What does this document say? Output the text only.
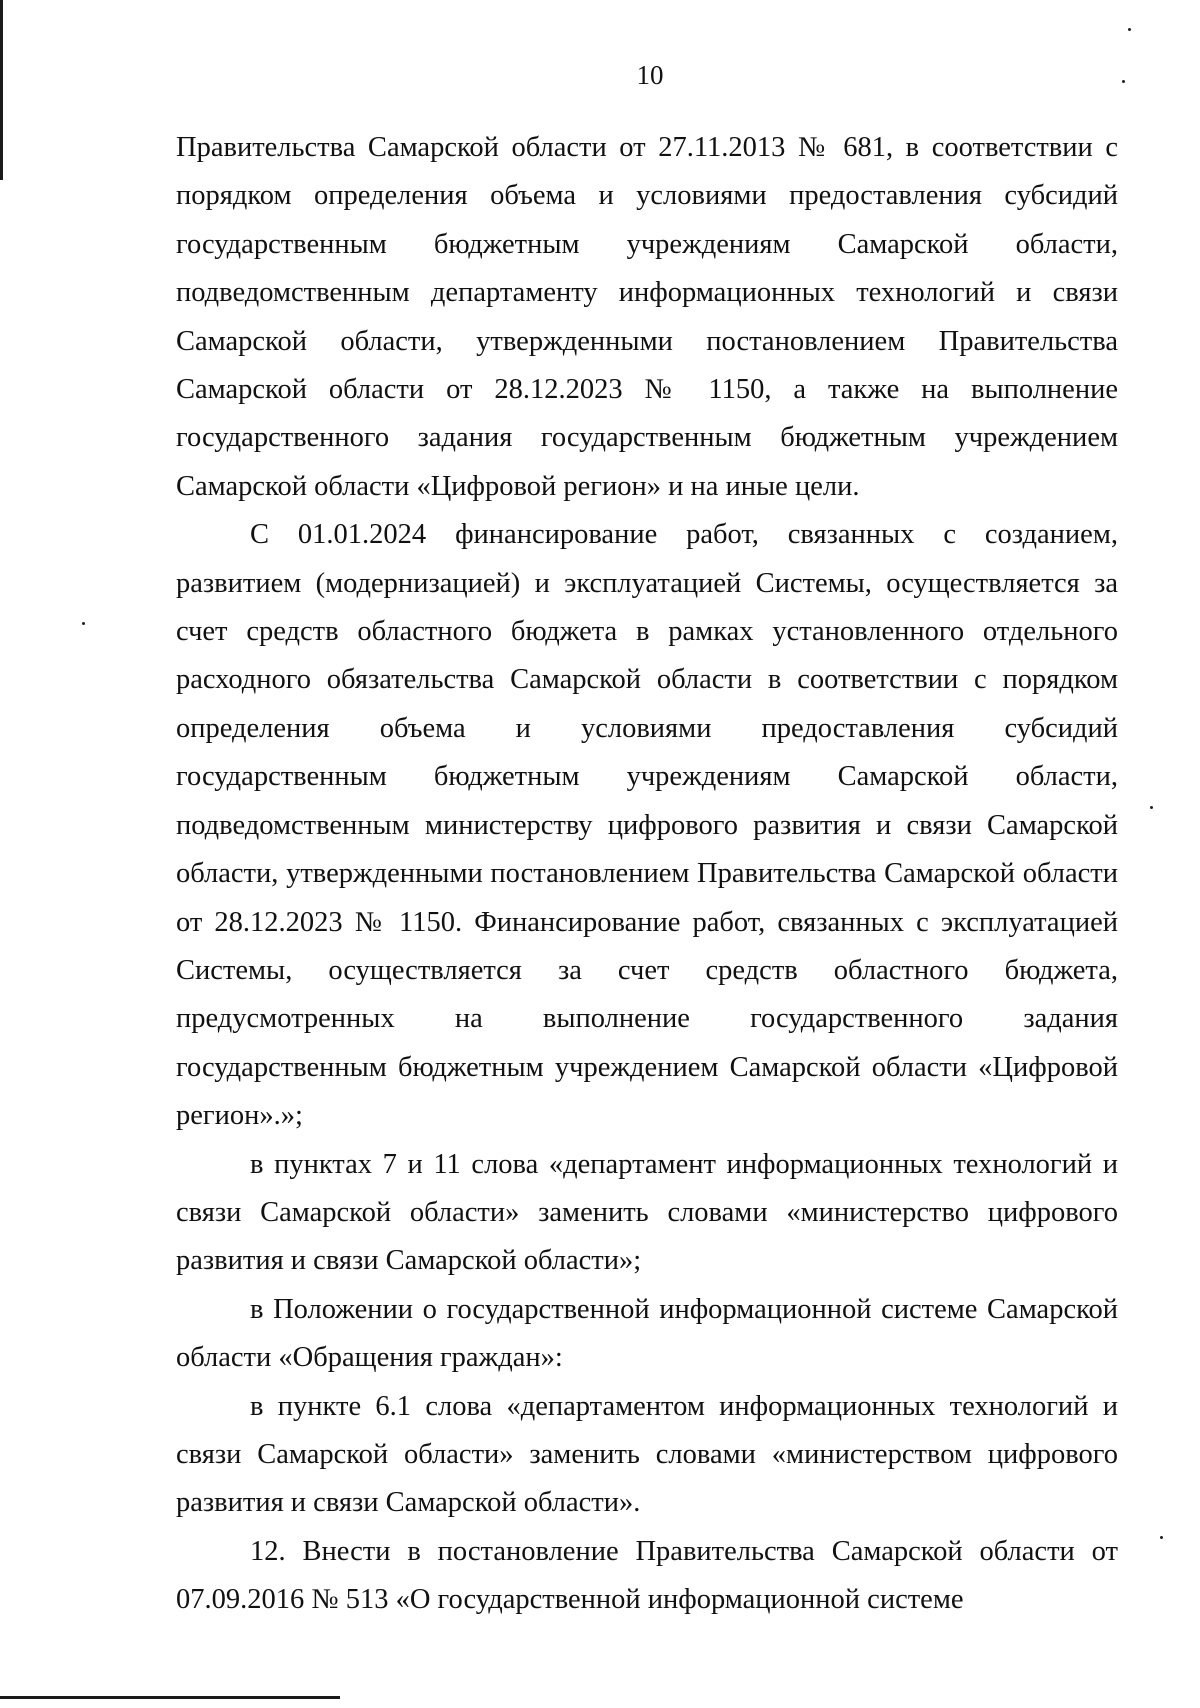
10

Правительства Самарской области от 27.11.2013 № 681, в соответствии с порядком определения объема и условиями предоставления субсидий государственным бюджетным учреждениям Самарской области, подведомственным департаменту информационных технологий и связи Самарской области, утвержденными постановлением Правительства Самарской области от 28.12.2023 № 1150, а также на выполнение государственного задания государственным бюджетным учреждением Самарской области «Цифровой регион» и на иные цели.

С 01.01.2024 финансирование работ, связанных с созданием, развитием (модернизацией) и эксплуатацией Системы, осуществляется за счет средств областного бюджета в рамках установленного отдельного расходного обязательства Самарской области в соответствии с порядком определения объема и условиями предоставления субсидий государственным бюджетным учреждениям Самарской области, подведомственным министерству цифрового развития и связи Самарской области, утвержденными постановлением Правительства Самарской области от 28.12.2023 № 1150. Финансирование работ, связанных с эксплуатацией Системы, осуществляется за счет средств областного бюджета, предусмотренных на выполнение государственного задания государственным бюджетным учреждением Самарской области «Цифровой регион».»;

в пунктах 7 и 11 слова «департамент информационных технологий и связи Самарской области» заменить словами «министерство цифрового развития и связи Самарской области»;

в Положении о государственной информационной системе Самарской области «Обращения граждан»:

в пункте 6.1 слова «департаментом информационных технологий и связи Самарской области» заменить словами «министерством цифрового развития и связи Самарской области».

12. Внести в постановление Правительства Самарской области от 07.09.2016 № 513 «О государственной информационной системе
